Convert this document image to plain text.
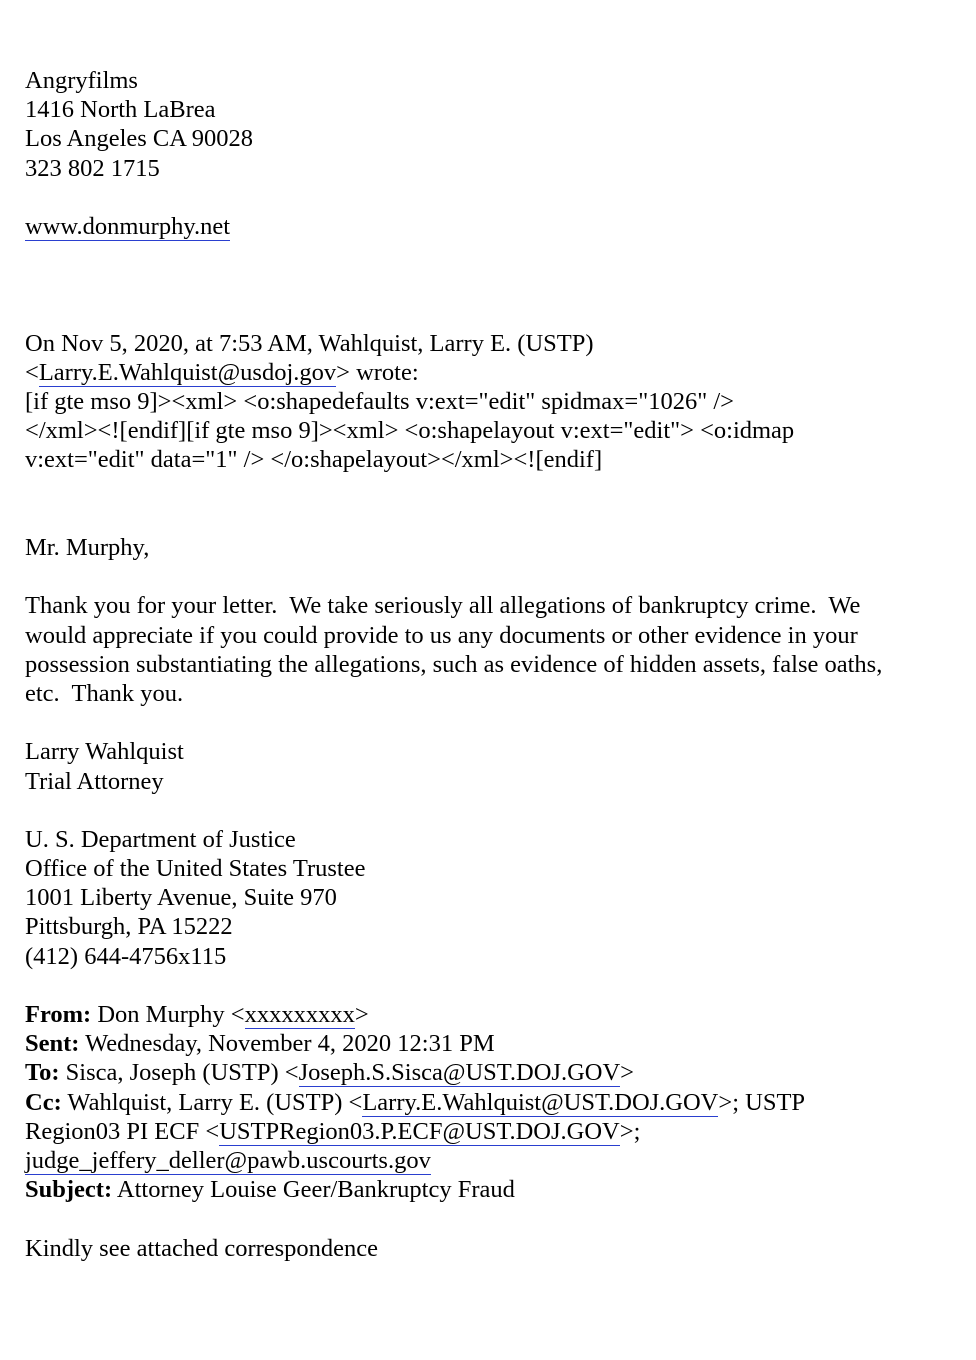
Angryfilms
1416 North LaBrea
Los Angeles CA 90028
323 802 1715
www.donmurphy.net
On Nov 5, 2020, at 7:53 AM, Wahlquist, Larry E. (USTP)
<Larry.E.Wahlquist@usdoj.gov> wrote:
[if gte mso 9]><xml> <o:shapedefaults v:ext="edit" spidmax="1026" />
</xml><![endif][if gte mso 9]><xml> <o:shapelayout v:ext="edit"> <o:idmap
v:ext="edit" data="1" /> </o:shapelayout></xml><![endif]
Mr. Murphy,
Thank you for your letter.  We take seriously all allegations of bankruptcy crime.  We
would appreciate if you could provide to us any documents or other evidence in your
possession substantiating the allegations, such as evidence of hidden assets, false oaths,
etc.  Thank you.
Larry Wahlquist
Trial Attorney
U. S. Department of Justice
Office of the United States Trustee
1001 Liberty Avenue, Suite 970
Pittsburgh, PA 15222
(412) 644-4756x115
From: Don Murphy <xxxxxxxxx>
Sent: Wednesday, November 4, 2020 12:31 PM
To: Sisca, Joseph (USTP) <Joseph.S.Sisca@UST.DOJ.GOV>
Cc: Wahlquist, Larry E. (USTP) <Larry.E.Wahlquist@UST.DOJ.GOV>; USTP
Region03 PI ECF <USTPRegion03.P.ECF@UST.DOJ.GOV>;
judge_jeffery_deller@pawb.uscourts.gov
Subject: Attorney Louise Geer/Bankruptcy Fraud
Kindly see attached correspondence
